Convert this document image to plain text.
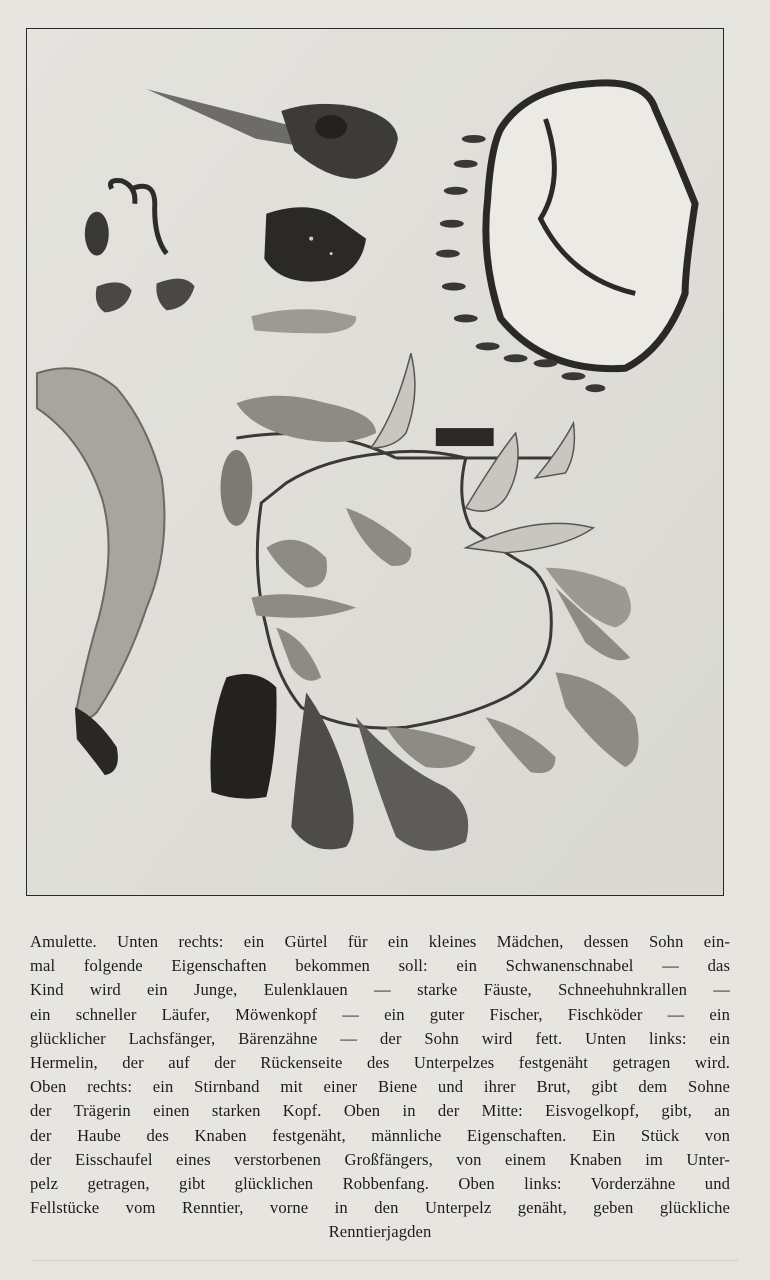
Amulette. Unten rechts: ein Gürtel für ein kleines Mädchen, dessen Sohn ein-
mal folgende Eigenschaften bekommen soll: ein Schwanenschnabel — das
Kind wird ein Junge, Eulenklauen — starke Fäuste, Schneehuhnkrallen —
ein schneller Läufer, Möwenkopf — ein guter Fischer, Fischköder — ein
glücklicher Lachsfänger, Bärenzähne — der Sohn wird fett. Unten links: ein
Hermelin, der auf der Rückenseite des Unterpelzes festgenäht getragen wird.
Oben rechts: ein Stirnband mit einer Biene und ihrer Brut, gibt dem Sohne
der Trägerin einen starken Kopf. Oben in der Mitte: Eisvogelkopf, gibt, an
der Haube des Knaben festgenäht, männliche Eigenschaften. Ein Stück von
der Eisschaufel eines verstorbenen Großfängers, von einem Knaben im Unter-
pelz getragen, gibt glücklichen Robbenfang. Oben links: Vorderzähne und
Fellstücke vom Renntier, vorne in den Unterpelz genäht, geben glückliche
Renntierjagden
